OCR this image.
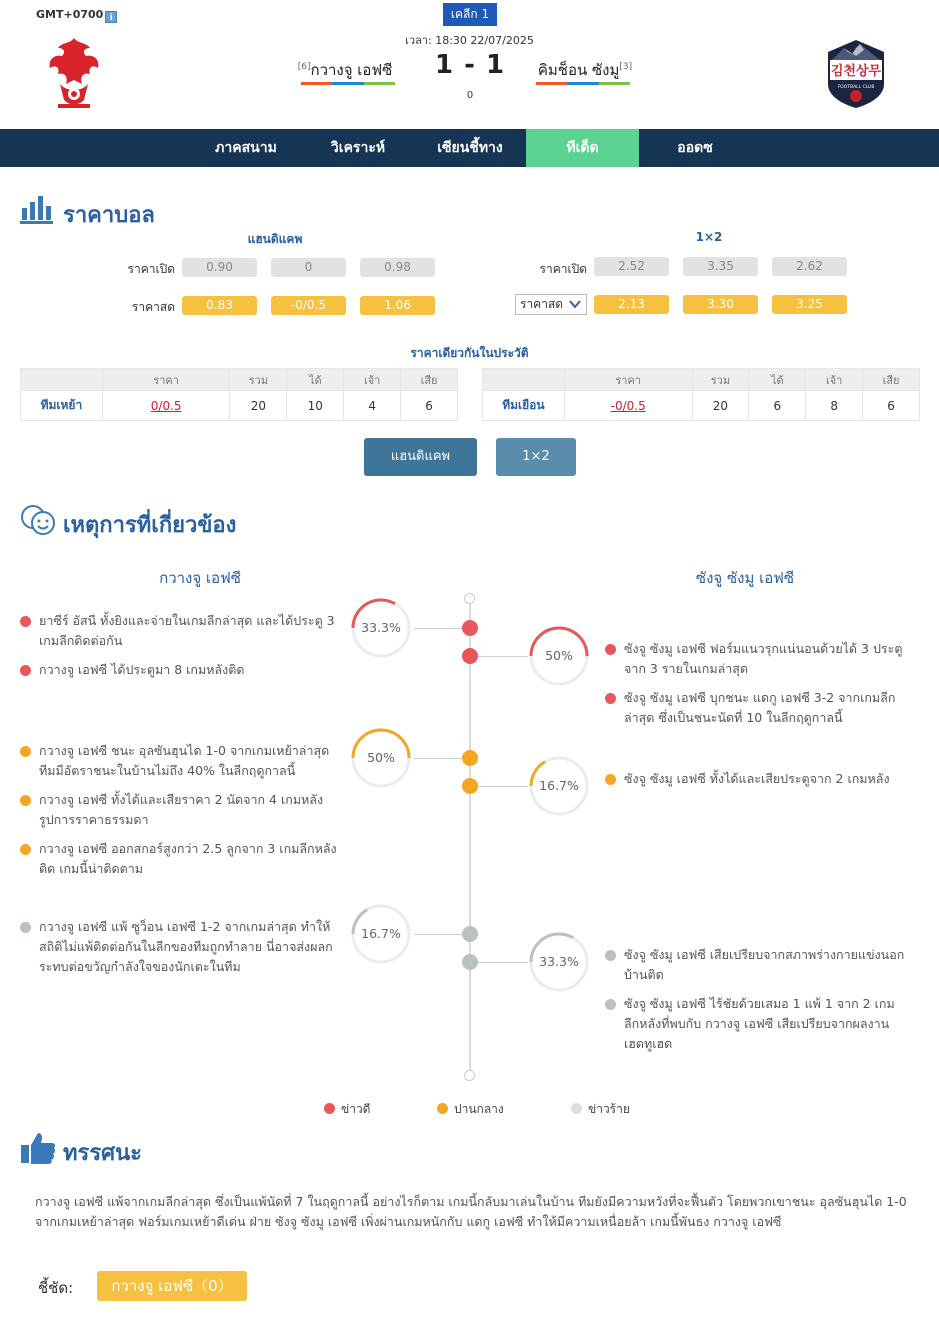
GMT+0700 i	เคลีก 1
เวลา: 18:30 22/07/2025
[6]กวางจู เอฟซี	1 - 1
0
คิมช็อน ซังมู[3]	김천상무
FOOTBALL CLUB
ภาคสนาม	วิเคราะห์	เซียนชี้ทาง	ทีเด็ด	ออดซ
ราคาบอล
แฮนดิแคพ	1×2
ราคาเปิด	0.90	0	0.98
ราคาสด	0.83	-0/0.5	1.06
ราคาเปิด	2.52	3.35	2.62
ราคาสด	2.13	3.30	3.25
ราคาเดียวกันในประวัติ
	ราคา	รวม	ได้	เจ้า	เสีย
ทีมเหย้า	0/0.5	20	10	4	6
	ราคา	รวม	ได้	เจ้า	เสีย
ทีมเยือน	-0/0.5	20	6	8	6
แฮนดิแคพ	1×2
เหตุการที่เกี่ยวข้อง
กวางจู เอฟซี	ซังจู ซังมู เอฟซี
ยาซีร์ อัสนี ทั้งยิงและจ่ายในเกมลีกล่าสุด และได้ประตู 3 เกมลีกติดต่อกัน
กวางจู เอฟซี ได้ประตูมา 8 เกมหลังติด
33.3%
50%	ซังจู ซังมู เอฟซี ฟอร์มแนวรุกแน่นอนด้วยได้ 3 ประตูจาก 3 รายในเกมล่าสุด
ซังจู ซังมู เอฟซี บุกชนะ แดกู เอฟซี 3-2 จากเกมลีกล่าสุด ซึ่งเป็นชนะนัดที่ 10 ในลีกฤดูกาลนี้
กวางจู เอฟซี ชนะ อุลซันฮุนได 1-0 จากเกมเหย้าล่าสุด ทีมมีอัตราชนะในบ้านไม่ถึง 40% ในลีกฤดูกาลนี้
กวางจู เอฟซี ทั้งได้และเสียราคา 2 นัดจาก 4 เกมหลังรูปการราคาธรรมดา
กวางจู เอฟซี ออกสกอร์สูงกว่า 2.5 ลูกจาก 3 เกมลีกหลังติด เกมนี้น่าติดตาม
50%
16.7%	ซังจู ซังมู เอฟซี ทั้งได้และเสียประตูจาก 2 เกมหลัง
กวางจู เอฟซี แพ้ ซูว็อน เอฟซี 1-2 จากเกมล่าสุด ทำให้สถิติไม่แพ้ติดต่อกันในลีกของทีมถูกทำลาย นี่อาจส่งผลกระทบต่อขวัญกำลังใจของนักเตะในทีม
16.7%
33.3%	ซังจู ซังมู เอฟซี เสียเปรียบจากสภาพร่างกายแข่งนอกบ้านติด
ซังจู ซังมู เอฟซี ไร้ชัยด้วยเสมอ 1 แพ้ 1 จาก 2 เกมลีกหลังที่พบกับ กวางจู เอฟซี เสียเปรียบจากผลงานเฮดทูเฮด
ข่าวดี	ปานกลาง	ข่าวร้าย
ทรรศนะ
กวางจู เอฟซี แพ้จากเกมลีกล่าสุด ซึ่งเป็นแพ้นัดที่ 7 ในฤดูกาลนี้ อย่างไรก็ตาม เกมนี้กลับมาเล่นในบ้าน ทีมยังมีความหวังที่จะฟื้นตัว โดยพวกเขาชนะ อุลซันฮุนได 1-0 จากเกมเหย้าล่าสุด ฟอร์มเกมเหย้าดีเด่น ฝ่าย ซังจู ซังมู เอฟซี เพิ่งผ่านเกมหนักกับ แดกู เอฟซี ทำให้มีความเหนื่อยล้า เกมนี้พันธง กวางจู เอฟซี
ชี้ชัด:	กวางจู เอฟซี（0）
